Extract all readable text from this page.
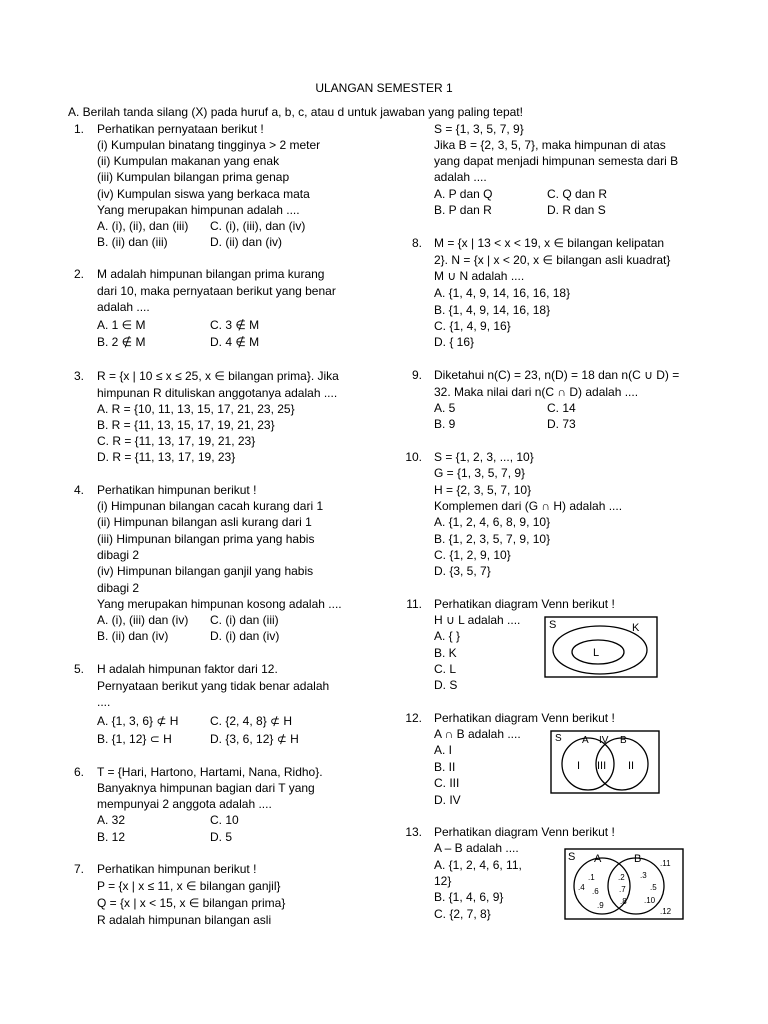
ULANGAN SEMESTER 1
A. Berilah tanda silang (X) pada huruf a, b, c, atau d untuk jawaban yang paling tepat!
1. Perhatikan pernyataan berikut !
(i) Kumpulan binatang tingginya > 2 meter
(ii) Kumpulan makanan yang enak
(iii) Kumpulan bilangan prima genap
(iv) Kumpulan siswa yang berkaca mata
Yang merupakan himpunan adalah ....
A. (i), (ii), dan (iii) C. (i), (iii), dan (iv)
B. (ii) dan (iii)	D. (ii) dan (iv)
2. M adalah himpunan bilangan prima kurang
dari 10, maka pernyataan berikut yang benar
adalah ....
A. 1 ∈ M	C. 3 ∉ M
B. 2 ∉ M	D. 4 ∉ M
3. R = {x | 10 ≤ x ≤ 25, x ∈ bilangan prima}. Jika
himpunan R dituliskan anggotanya adalah ....
A. R = {10, 11, 13, 15, 17, 21, 23, 25}
B. R = {11, 13, 15, 17, 19, 21, 23}
C. R = {11, 13, 17, 19, 21, 23}
D. R = {11, 13, 17, 19, 23}
4. Perhatikan himpunan berikut !
(i) Himpunan bilangan cacah kurang dari 1
(ii) Himpunan bilangan asli kurang dari 1
(iii) Himpunan bilangan prima yang habis
dibagi 2
(iv) Himpunan bilangan ganjil yang habis
dibagi 2
Yang merupakan himpunan kosong adalah ....
A. (i), (iii) dan (iv) C. (i) dan (iii)
B. (ii) dan (iv)	D. (i) dan (iv)
5. H adalah himpunan faktor dari 12.
Pernyataan berikut yang tidak benar adalah
....
A. {1, 3, 6} ⊄ H	C. {2, 4, 8} ⊄ H
B. {1, 12} ⊂ H	D. {3, 6, 12} ⊄ H
6. T = {Hari, Hartono, Hartami, Nana, Ridho}.
Banyaknya himpunan bagian dari T yang
mempunyai 2 anggota adalah ....
A. 32	C. 10
B. 12	D. 5
7. Perhatikan himpunan berikut !
P = {x | x ≤ 11, x ∈ bilangan ganjil}
Q = {x | x < 15, x ∈ bilangan prima}
R adalah himpunan bilangan asli
S = {1, 3, 5, 7, 9}
Jika B = {2, 3, 5, 7}, maka himpunan di atas
yang dapat menjadi himpunan semesta dari B
adalah ....
A. P dan Q	C. Q dan R
B. P dan R	D. R dan S
8. M = {x | 13 < x < 19, x ∈ bilangan kelipatan
2}. N = {x | x < 20, x ∈ bilangan asli kuadrat}
M ∪ N adalah ....
A. {1, 4, 9, 14, 16, 16, 18}
B. {1, 4, 9, 14, 16, 18}
C. {1, 4, 9, 16}
D. { 16}
9. Diketahui n(C) = 23, n(D) = 18 dan n(C ∪ D) =
32. Maka nilai dari n(C ∩ D) adalah ....
A. 5	C. 14
B. 9	D. 73
10. S = {1, 2, 3, ..., 10}
G = {1, 3, 5, 7, 9}
H = {2, 3, 5, 7, 10}
Komplemen dari (G ∩ H) adalah ....
A. {1, 2, 4, 6, 8, 9, 10}
B. {1, 2, 3, 5, 7, 9, 10}
C. {1, 2, 9, 10}
D. {3, 5, 7}
11. Perhatikan diagram Venn berikut !
H ∪ L adalah ....
A. { }
B. K
C. L
D. S
S	K
L
12. Perhatikan diagram Venn berikut !
A ∩ B adalah ....
A. I
B. II
C. III
D. IV
S A IV B
I III II
13. Perhatikan diagram Venn berikut !
A – B adalah ....
A. {1, 2, 4, 6, 11,
12}
B. {1, 4, 6, 9}
C. {2, 7, 8}
S A	B
.1
.4 .6
.9
.2
.7
.8
.3
.5
.10
.11
.12
